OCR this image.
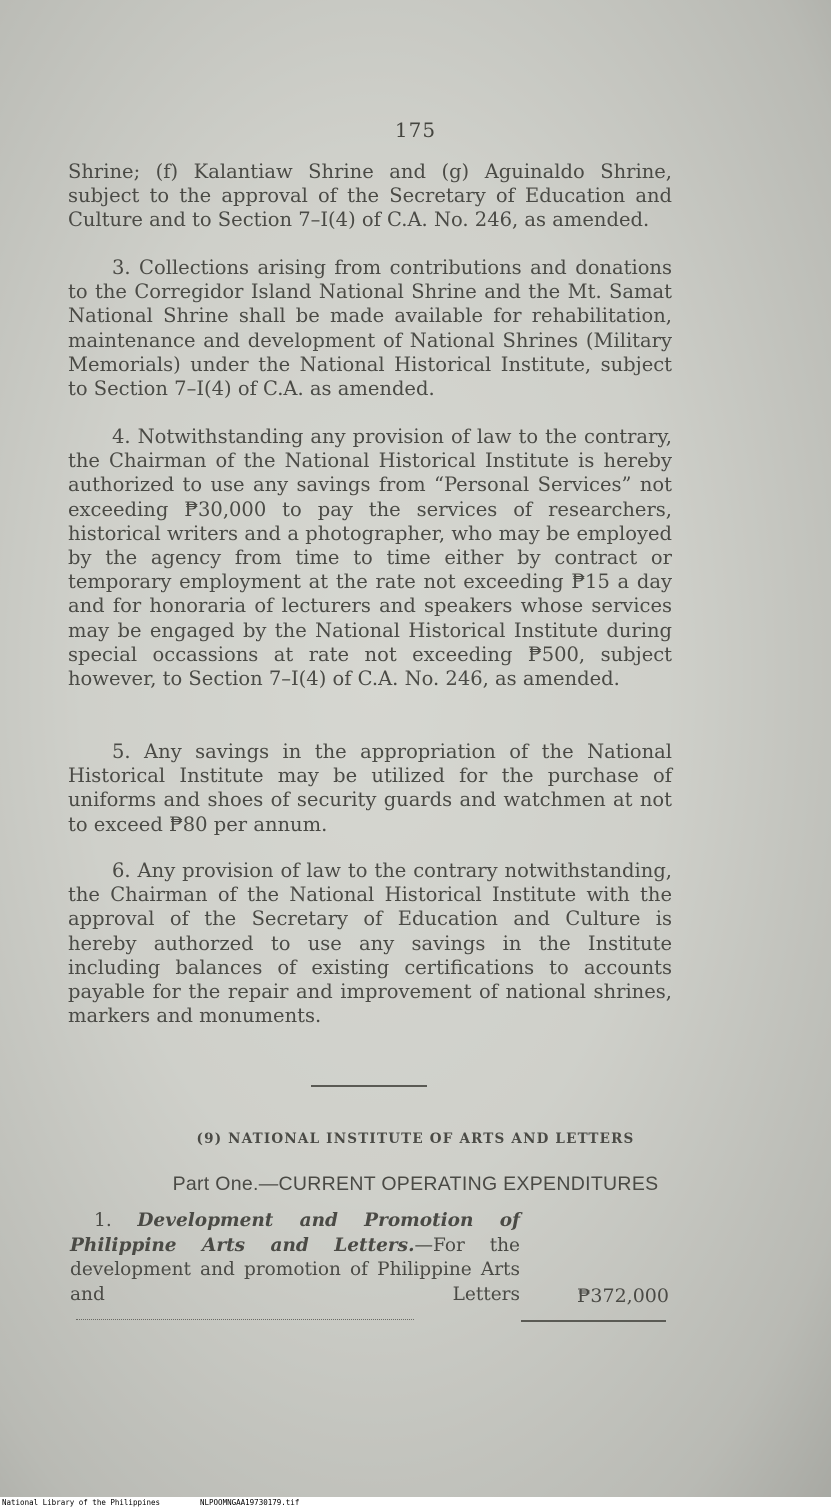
175

Shrine; (f) Kalantiaw Shrine and (g) Aguinaldo Shrine, subject to the approval of the Secretary of Education and Culture and to Section 7–I(4) of C.A. No. 246, as amended.

3. Collections arising from contributions and donations to the Corregidor Island National Shrine and the Mt. Samat National Shrine shall be made available for rehabilitation, maintenance and development of National Shrines (Military Memorials) under the National Historical Institute, subject to Section 7–I(4) of C.A. as amended.

4. Notwithstanding any provision of law to the contrary, the Chairman of the National Historical Institute is hereby authorized to use any savings from “Personal Services” not exceeding ₱30,000 to pay the services of researchers, historical writers and a photographer, who may be employed by the agency from time to time either by contract or temporary employment at the rate not exceeding ₱15 a day and for honoraria of lecturers and speakers whose services may be engaged by the National Historical Institute during special occassions at rate not exceeding ₱500, subject however, to Section 7–I(4) of C.A. No. 246, as amended.

5. Any savings in the appropriation of the National Historical Institute may be utilized for the purchase of uniforms and shoes of security guards and watchmen at not to exceed ₱80 per annum.

6. Any provision of law to the contrary notwithstanding, the Chairman of the National Historical Institute with the approval of the Secretary of Education and Culture is hereby authorzed to use any savings in the Institute including balances of existing certifications to accounts payable for the repair and improvement of national shrines, markers and monuments.

(9) NATIONAL INSTITUTE OF ARTS AND LETTERS
Part One.—CURRENT OPERATING EXPENDITURES
1. Development and Promotion of Philippine Arts and Letters.—For the development and promotion of Philippine Arts and Letters	₱372,000
National Library of the Philippines	NLPOOMNGAA19730179.tif
